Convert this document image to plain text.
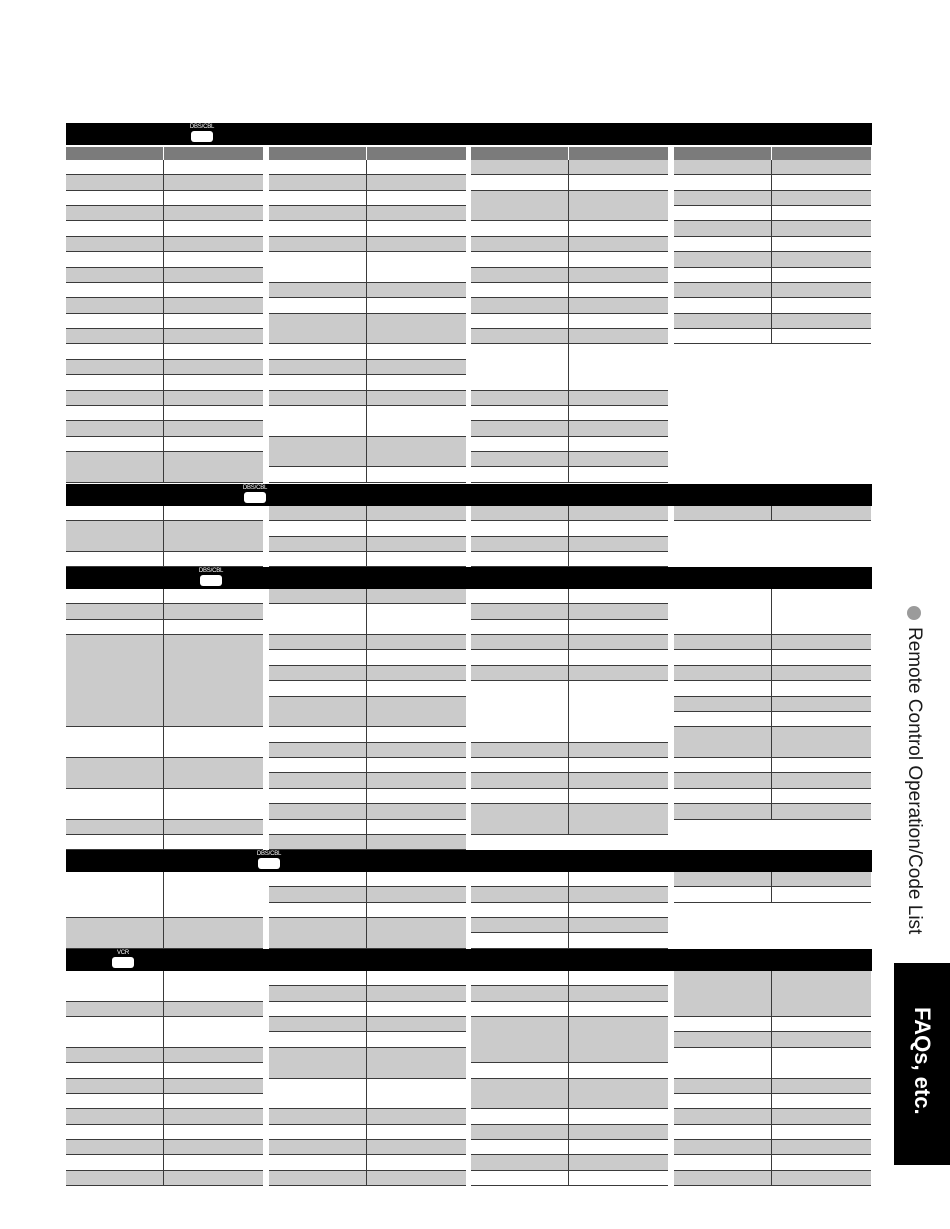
DBS/CBL
DBS/CBL
DBS/CBL
DBS/CBL
VCR
Remote Control Operation/Code List
FAQs, etc.
